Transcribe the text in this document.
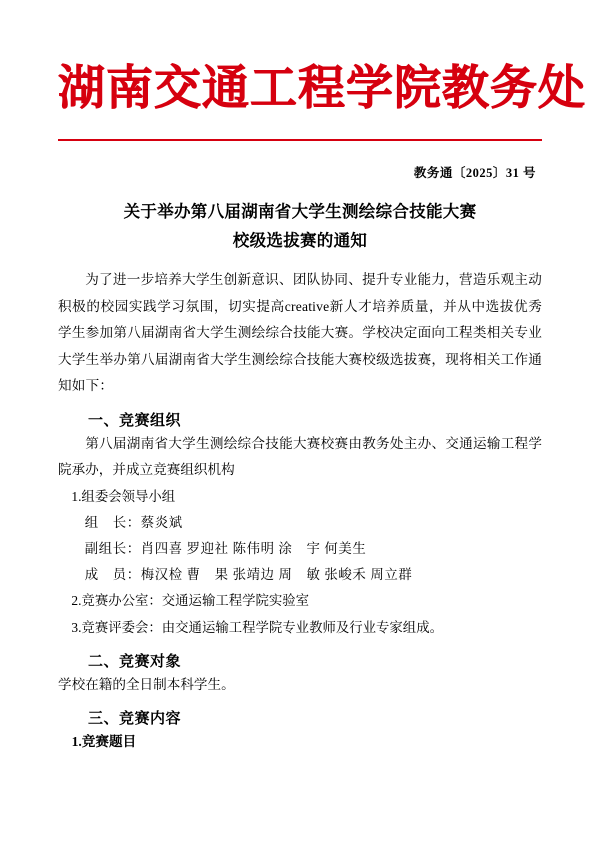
湖南交通工程学院教务处
教务通〔2025〕31 号
关于举办第八届湖南省大学生测绘综合技能大赛
校级选拔赛的通知

为了进一步培养大学生创新意识、团队协同、提升专业能力，营造乐观主动积极的校园实践学习氛围，切实提高creative新人才培养质量，并从中选拔优秀学生参加第八届湖南省大学生测绘综合技能大赛。学校决定面向工程类相关专业大学生举办第八届湖南省大学生测绘综合技能大赛校级选拔赛，现将相关工作通知如下：

一、竞赛组织

第八届湖南省大学生测绘综合技能大赛校赛由教务处主办、交通运输工程学院承办，并成立竞赛组织机构

1.组委会领导小组

组　长：蔡炎斌

副组长：肖四喜 罗迎社 陈伟明 涂　宇 何美生

成　员：梅汉检 曹　果 张靖边 周　敏 张峻禾 周立群

2.竞赛办公室：交通运输工程学院实验室

3.竞赛评委会：由交通运输工程学院专业教师及行业专家组成。

二、竞赛对象

学校在籍的全日制本科学生。

三、竞赛内容

1.竞赛题目
